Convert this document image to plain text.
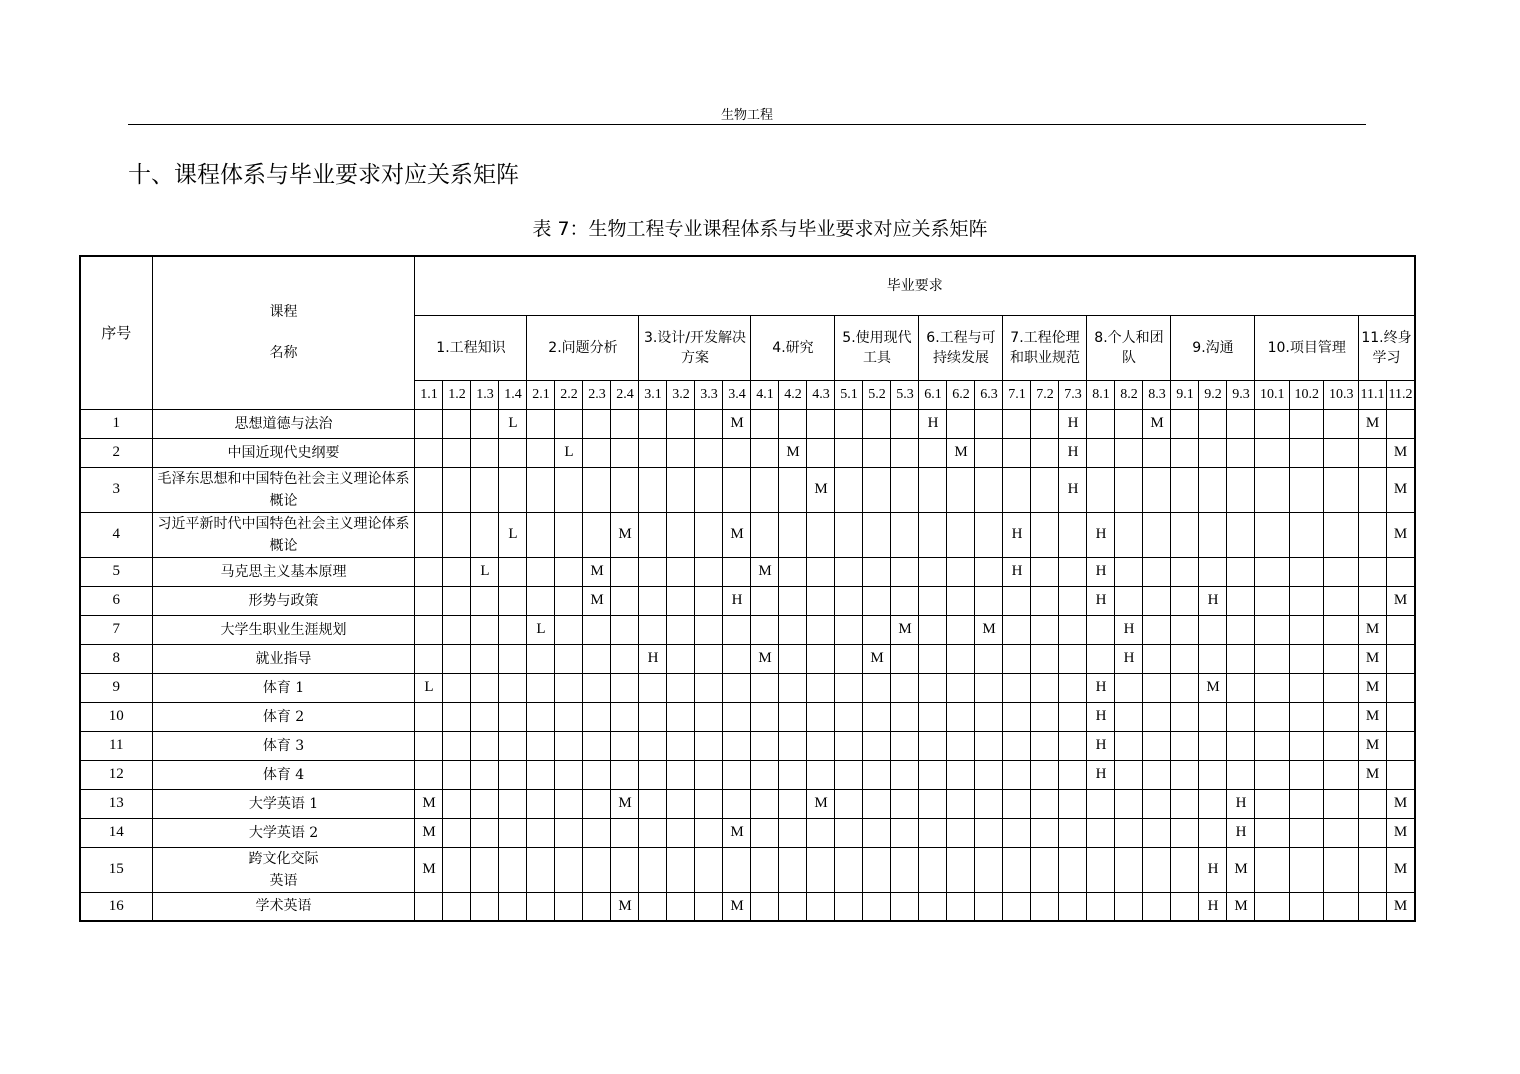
生物工程
十、课程体系与毕业要求对应关系矩阵
表 7：生物工程专业课程体系与毕业要求对应关系矩阵
序号	课程
名称	毕业要求																																		
		1.工程知识				2.问题分析				3.设计/开发解决方案				4.研究			5.使用现代工具			6.工程与可持续发展			7.工程伦理和职业规范			8.个人和团队			9.沟通			10.项目管理			11.终身学习	
		1.1	1.2	1.3	1.4	2.1	2.2	2.3	2.4	3.1	3.2	3.3	3.4	4.1	4.2	4.3	5.1	5.2	5.3	6.1	6.2	6.3	7.1	7.2	7.3	8.1	8.2	8.3	9.1	9.2	9.3	10.1	10.2	10.3	11.1	11.2
1	思想道德与法治				L								M							H					H			M							M	
2	中国近现代史纲要						L								M						M				H											M
3	毛泽东思想和中国特色社会主义理论体系概论															M									H											M
4	习近平新时代中国特色社会主义理论体系概论				L				M				M										H			H										M
5	马克思主义基本原理			L				M						M									H			H										
6	形势与政策							M					H													H				H						M
7	大学生职业生涯规划					L													M			M					H								M	
8	就业指导									H				M				M									H								M	
9	体育 1	L																								H				M					M	
10	体育 2																									H									M	
11	体育 3																									H									M	
12	体育 4																									H									M	
13	大学英语 1	M							M							M															H					M
14	大学英语 2	M											M																		H					M
15	跨文化交际英语	M																												H	M					M
16	学术英语								M				M																	H	M					M
